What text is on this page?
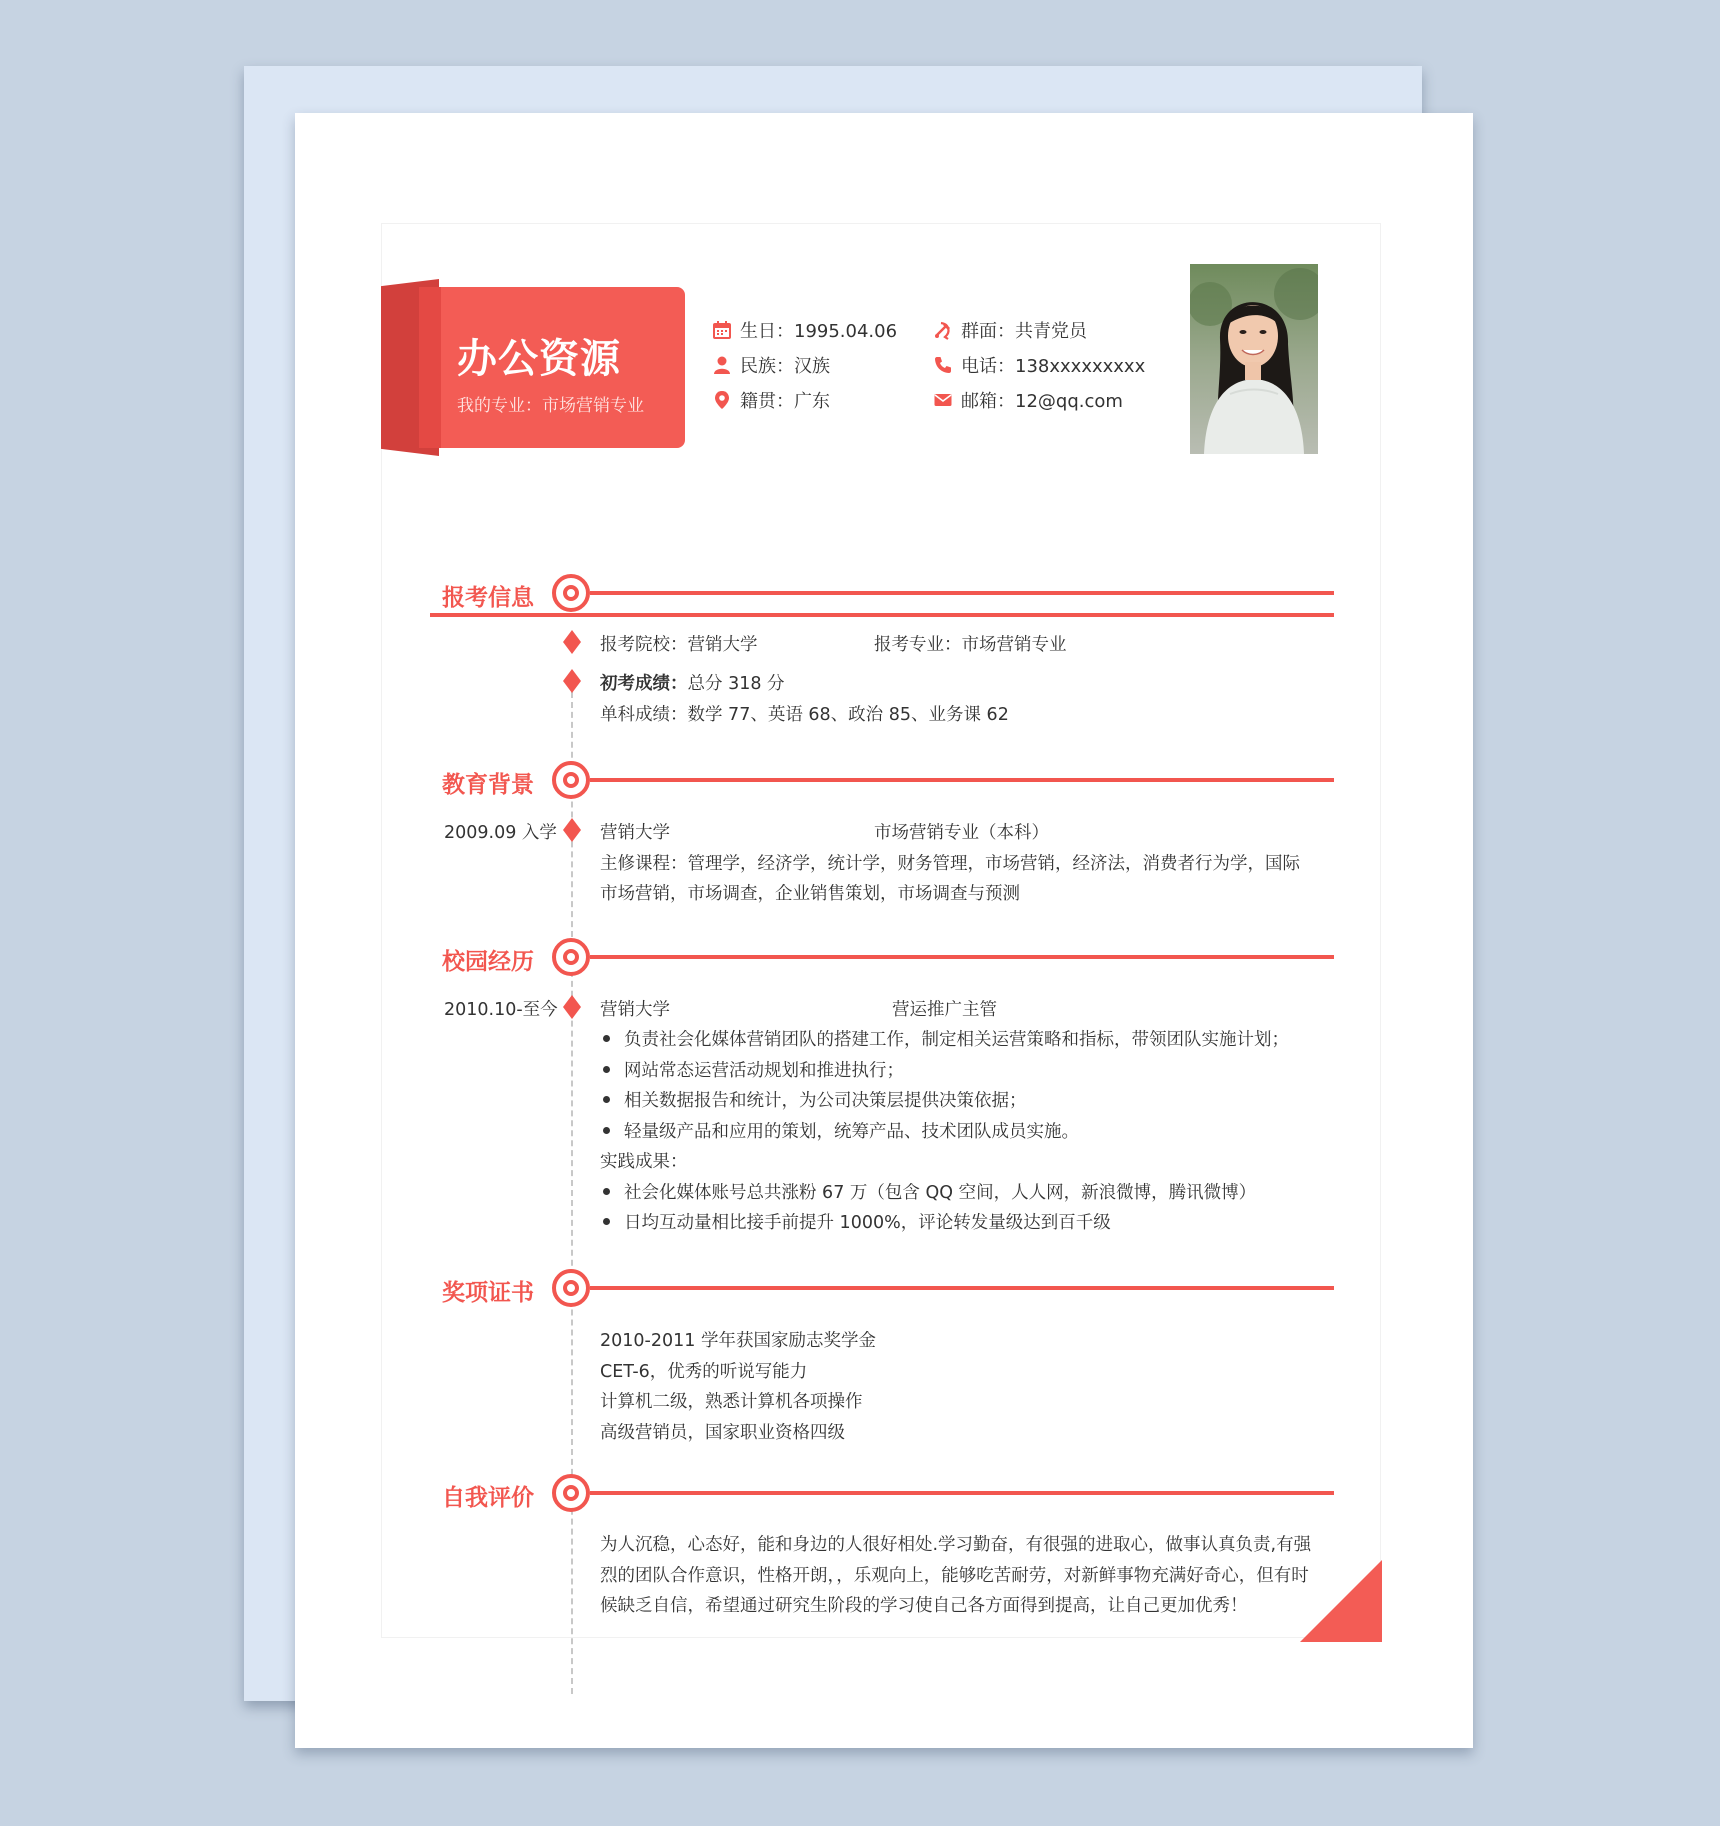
办公资源
我的专业：市场营销专业
生日：1995.04.06
民族：汉族
籍贯：广东
群面：共青党员
电话：138xxxxxxxxx
邮箱：12@qq.com
报考信息
报考院校：营销大学	报考专业：市场营销专业
初考成绩：总分 318 分
单科成绩：数学 77、英语 68、政治 85、业务课 62
教育背景
2009.09 入学 营销大学	市场营销专业（本科）
主修课程：管理学，经济学，统计学，财务管理，市场营销，经济法，消费者行为学，国际
市场营销，市场调查，企业销售策划，市场调查与预测
校园经历
2010.10-至今 营销大学	营运推广主管
负责社会化媒体营销团队的搭建工作，制定相关运营策略和指标，带领团队实施计划；
网站常态运营活动规划和推进执行；
相关数据报告和统计，为公司决策层提供决策依据；
轻量级产品和应用的策划，统筹产品、技术团队成员实施。
实践成果：
社会化媒体账号总共涨粉 67 万（包含 QQ 空间，人人网，新浪微博，腾讯微博）
日均互动量相比接手前提升 1000%，评论转发量级达到百千级
奖项证书
2010-2011 学年获国家励志奖学金
CET-6，优秀的听说写能力
计算机二级，熟悉计算机各项操作
高级营销员，国家职业资格四级
自我评价
为人沉稳，心态好，能和身边的人很好相处.学习勤奋，有很强的进取心，做事认真负责,有强
烈的团队合作意识，性格开朗，，乐观向上，能够吃苦耐劳，对新鲜事物充满好奇心，但有时
候缺乏自信，希望通过研究生阶段的学习使自己各方面得到提高，让自己更加优秀！
